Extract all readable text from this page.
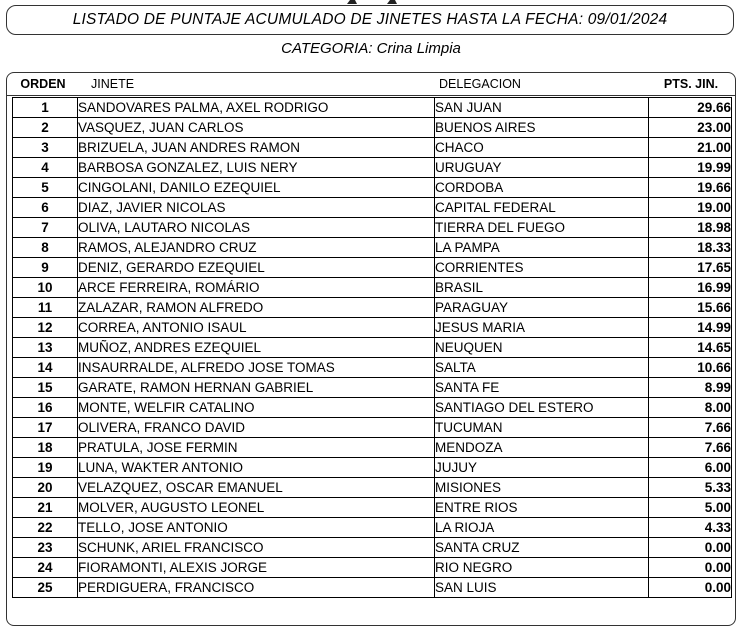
LISTADO DE PUNTAJE ACUMULADO DE JINETES HASTA LA FECHA: 09/01/2024
CATEGORIA: Crina Limpia
ORDEN	JINETE	DELEGACION	PTS. JIN.
1	SANDOVARES PALMA, AXEL RODRIGO	SAN JUAN	29.66
2	VASQUEZ, JUAN CARLOS	BUENOS AIRES	23.00
3	BRIZUELA, JUAN ANDRES RAMON	CHACO	21.00
4	BARBOSA GONZALEZ, LUIS NERY	URUGUAY	19.99
5	CINGOLANI, DANILO EZEQUIEL	CORDOBA	19.66
6	DIAZ, JAVIER NICOLAS	CAPITAL FEDERAL	19.00
7	OLIVA, LAUTARO NICOLAS	TIERRA DEL FUEGO	18.98
8	RAMOS, ALEJANDRO CRUZ	LA PAMPA	18.33
9	DENIZ, GERARDO EZEQUIEL	CORRIENTES	17.65
10	ARCE FERREIRA, ROMÁRIO	BRASIL	16.99
11	ZALAZAR, RAMON ALFREDO	PARAGUAY	15.66
12	CORREA, ANTONIO ISAUL	JESUS MARIA	14.99
13	MUÑOZ, ANDRES EZEQUIEL	NEUQUEN	14.65
14	INSAURRALDE, ALFREDO JOSE TOMAS	SALTA	10.66
15	GARATE, RAMON HERNAN GABRIEL	SANTA FE	8.99
16	MONTE, WELFIR CATALINO	SANTIAGO DEL ESTERO	8.00
17	OLIVERA, FRANCO DAVID	TUCUMAN	7.66
18	PRATULA, JOSE FERMIN	MENDOZA	7.66
19	LUNA, WAKTER ANTONIO	JUJUY	6.00
20	VELAZQUEZ, OSCAR EMANUEL	MISIONES	5.33
21	MOLVER, AUGUSTO LEONEL	ENTRE RIOS	5.00
22	TELLO, JOSE ANTONIO	LA RIOJA	4.33
23	SCHUNK, ARIEL FRANCISCO	SANTA CRUZ	0.00
24	FIORAMONTI, ALEXIS JORGE	RIO NEGRO	0.00
25	PERDIGUERA, FRANCISCO	SAN LUIS	0.00
